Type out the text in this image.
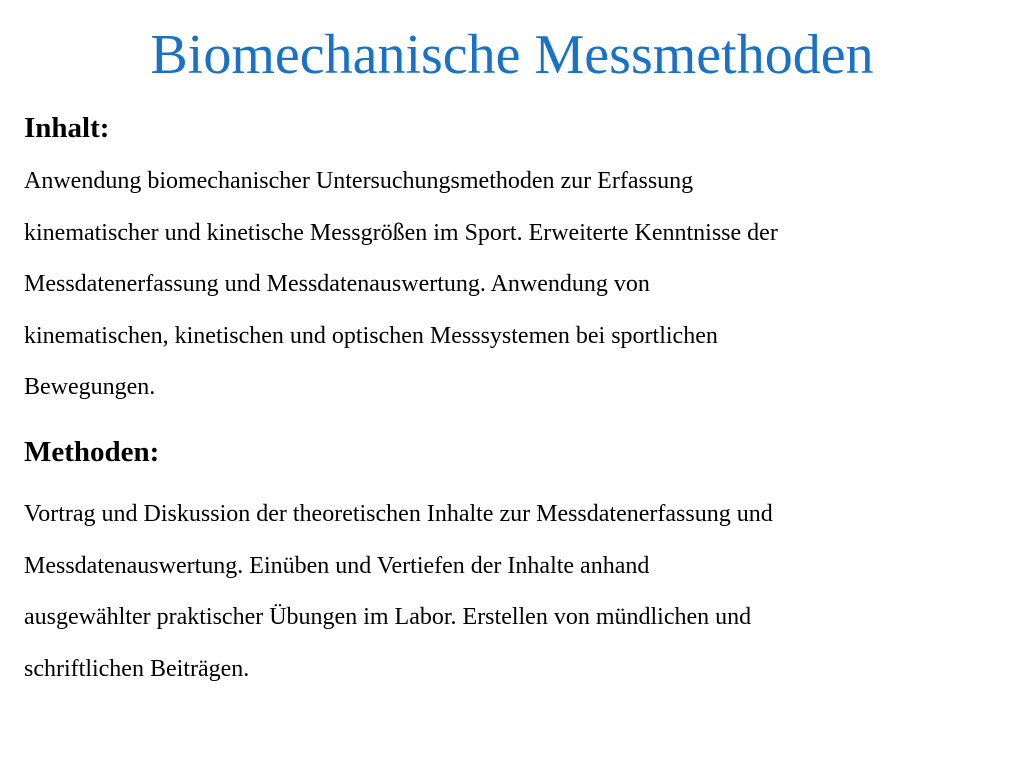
Biomechanische Messmethoden
Inhalt:

Anwendung biomechanischer Untersuchungsmethoden zur Erfassung
kinematischer und kinetische Messgrößen im Sport. Erweiterte Kenntnisse der
Messdatenerfassung und Messdatenauswertung. Anwendung von
kinematischen, kinetischen und optischen Messsystemen bei sportlichen
Bewegungen.

Methoden:

Vortrag und Diskussion der theoretischen Inhalte zur Messdatenerfassung und
Messdatenauswertung. Einüben und Vertiefen der Inhalte anhand
ausgewählter praktischer Übungen im Labor. Erstellen von mündlichen und
schriftlichen Beiträgen.
